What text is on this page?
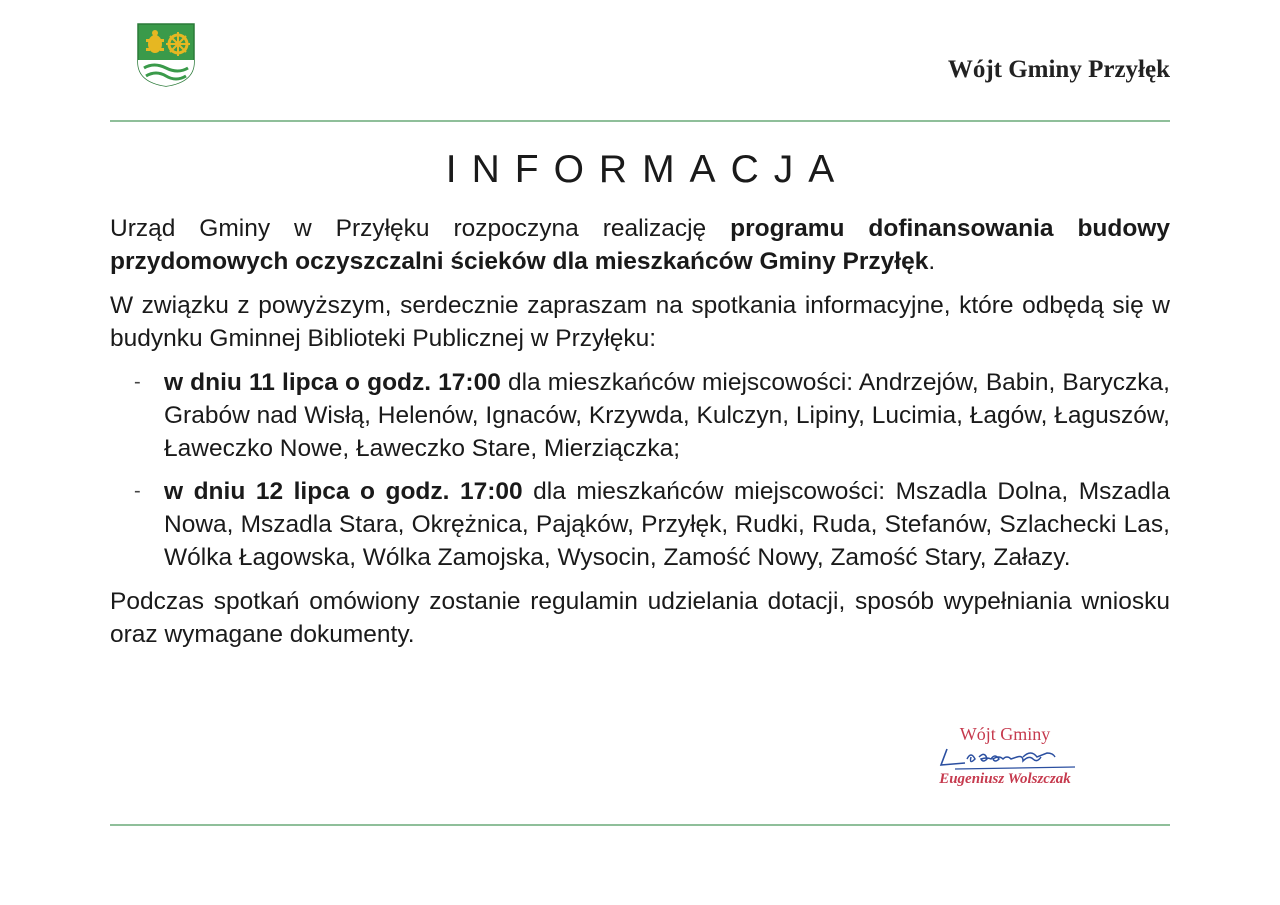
Wójt Gminy Przyłęk
INFORMACJA

Urząd Gminy w Przyłęku rozpoczyna realizację programu dofinansowania budowy przydomowych oczyszczalni ścieków dla mieszkańców Gminy Przyłęk.

W związku z powyższym, serdecznie zapraszam na spotkania informacyjne, które odbędą się w budynku Gminnej Biblioteki Publicznej w Przyłęku:

- w dniu 11 lipca o godz. 17:00 dla mieszkańców miejscowości: Andrzejów, Babin, Baryczka, Grabów nad Wisłą, Helenów, Ignaców, Krzywda, Kulczyn, Lipiny, Lucimia, Łagów, Łaguszów, Ławeczko Nowe, Ławeczko Stare, Mierziączka;
- w dniu 12 lipca o godz. 17:00 dla mieszkańców miejscowości: Mszadla Dolna, Mszadla Nowa, Mszadla Stara, Okrężnica, Pająków, Przyłęk, Rudki, Ruda, Stefanów, Szlachecki Las, Wólka Łagowska, Wólka Zamojska, Wysocin, Zamość Nowy, Zamość Stary, Załazy.

Podczas spotkań omówiony zostanie regulamin udzielania dotacji, sposób wypełniania wniosku oraz wymagane dokumenty.

Wójt Gminy
Eugeniusz Wolszczak
